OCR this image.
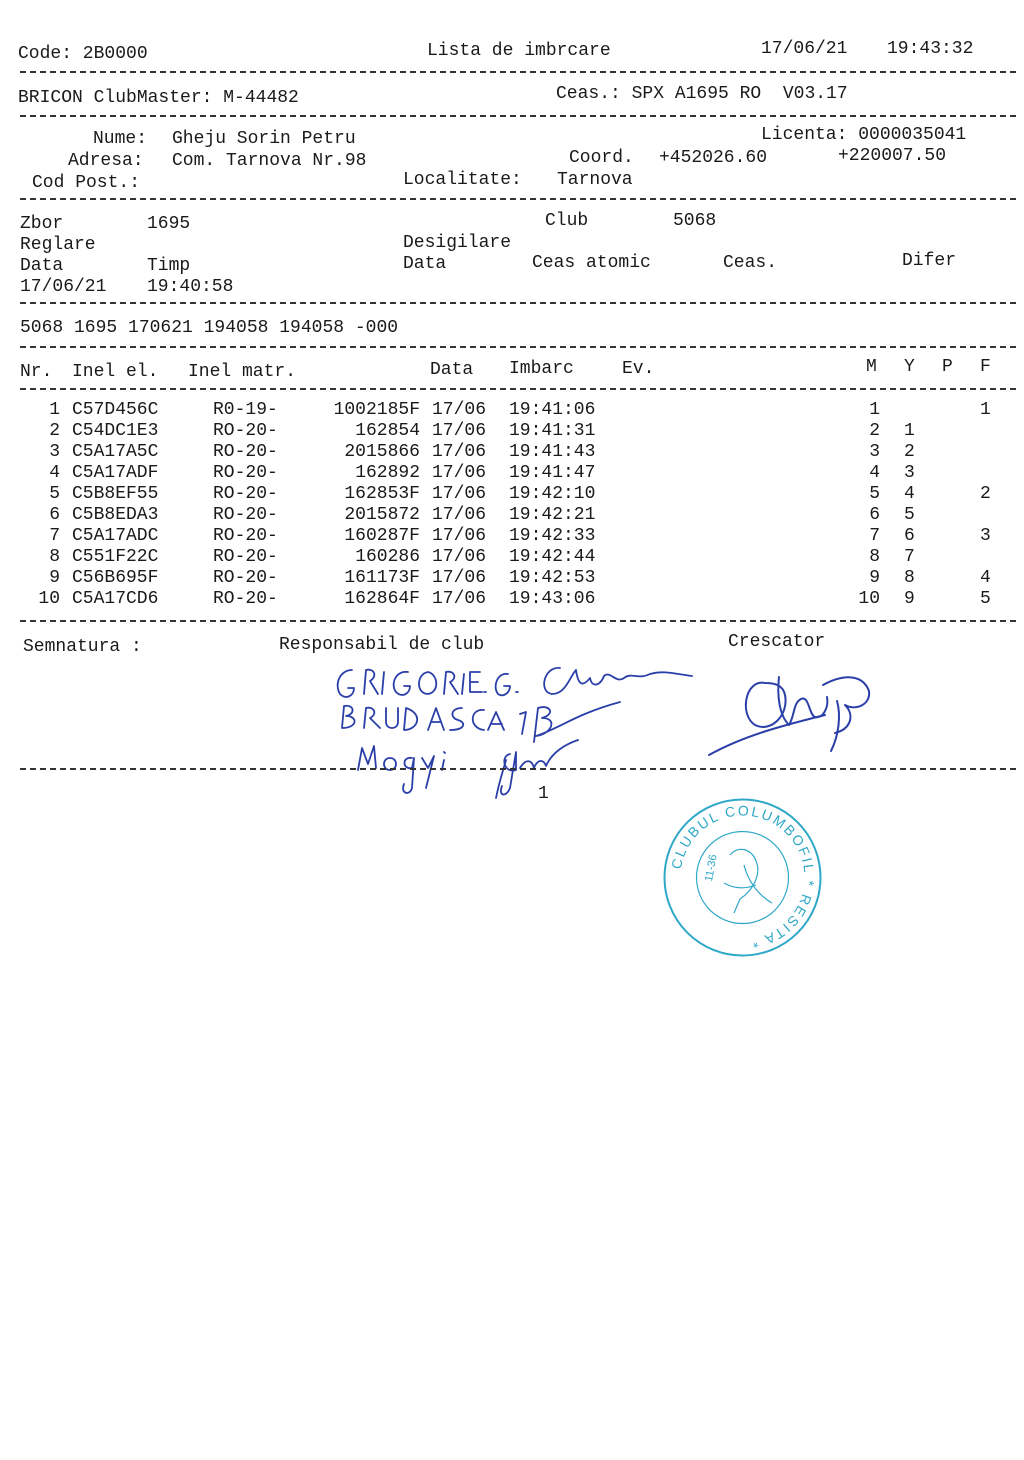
Code: 2B0000	Lista de imbrcare	17/06/21 19:43:32
BRICON ClubMaster: M-44482	Ceas.: SPX A1695 RO  V03.17
Nume: Gheju Sorin Petru	Licenta: 0000035041
Adresa: Com. Tarnova Nr.98	Coord. +452026.60	+220007.50
Cod Post.:	Localitate: Tarnova
Zbor	1695	Club	5068
Reglare	Desigilare
Data	Timp	Data	Ceas atomic	Ceas.	Difer
17/06/21 19:40:58
5068 1695 170621 194058 194058 -000
Nr. Inel el. Inel matr.	Data Imbarc	Ev.	M Y P F
1 C57D456C	R0-19-	1002185F 17/06 19:41:06	1	1
2 C54DC1E3	RO-20-	162854 17/06 19:41:31	2 1
3 C5A17A5C	RO-20-	2015866 17/06 19:41:43	3 2
4 C5A17ADF	RO-20-	162892 17/06 19:41:47	4 3
5 C5B8EF55	RO-20-	162853F 17/06 19:42:10	5 4	2
6 C5B8EDA3	RO-20-	2015872 17/06 19:42:21	6 5
7 C5A17ADC	RO-20-	160287F 17/06 19:42:33	7 6	3
8 C551F22C	RO-20-	160286 17/06 19:42:44	8 7
9 C56B695F	RO-20-	161173F 17/06 19:42:53	9 8	4
10 C5A17CD6	RO-20-	162864F 17/06 19:43:06	10 9	5
Semnatura :	Responsabil de club	Crescator
1
CLUBUL COLUMBOFIL * RESITA *
11-36
